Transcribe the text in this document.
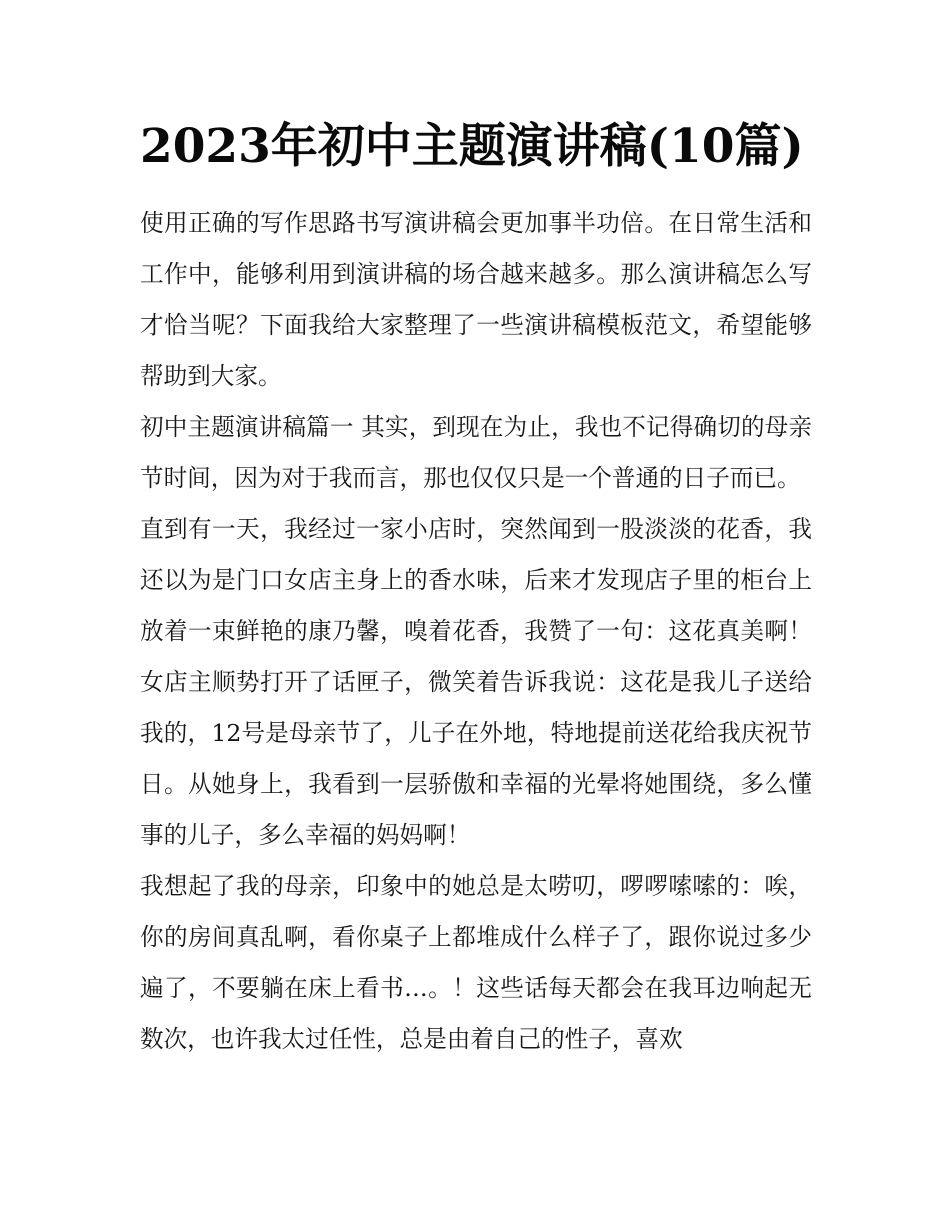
2023年初中主题演讲稿(10篇)

使用正确的写作思路书写演讲稿会更加事半功倍。在日常生活和工作中，能够利用到演讲稿的场合越来越多。那么演讲稿怎么写才恰当呢？下面我给大家整理了一些演讲稿模板范文，希望能够帮助到大家。

初中主题演讲稿篇一 其实，到现在为止，我也不记得确切的母亲节时间，因为对于我而言，那也仅仅只是一个普通的日子而已。

直到有一天，我经过一家小店时，突然闻到一股淡淡的花香，我还以为是门口女店主身上的香水味，后来才发现店子里的柜台上放着一束鲜艳的康乃馨，嗅着花香，我赞了一句：这花真美啊！女店主顺势打开了话匣子，微笑着告诉我说：这花是我儿子送给我的，12号是母亲节了，儿子在外地，特地提前送花给我庆祝节日。从她身上，我看到一层骄傲和幸福的光晕将她围绕，多么懂事的儿子，多么幸福的妈妈啊！

我想起了我的母亲，印象中的她总是太唠叨，啰啰嗦嗦的：唉，你的房间真乱啊，看你桌子上都堆成什么样子了，跟你说过多少遍了，不要躺在床上看书…。！这些话每天都会在我耳边响起无数次，也许我太过任性，总是由着自己的性子，喜欢
